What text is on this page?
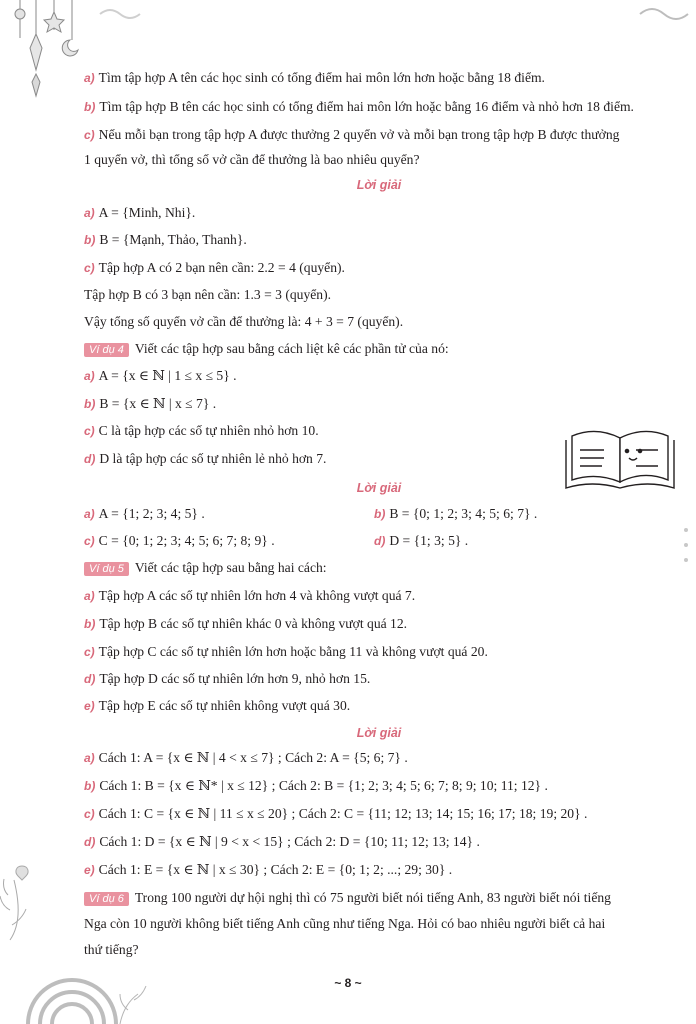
a) Tìm tập hợp A tên các học sinh có tổng điểm hai môn lớn hơn hoặc bằng 18 điểm.
b) Tìm tập hợp B tên các học sinh có tổng điểm hai môn lớn hoặc bằng 16 điểm và nhỏ hơn 18 điểm.
c) Nếu mỗi bạn trong tập hợp A được thưởng 2 quyển vở và mỗi bạn trong tập hợp B được thưởng
1 quyển vở, thì tổng số vở cần để thưởng là bao nhiêu quyển?
Lời giải
a) A = {Minh, Nhi}.
b) B = {Mạnh, Thảo, Thanh}.
c) Tập hợp A có 2 bạn nên cần: 2.2 = 4 (quyển).
Tập hợp B có 3 bạn nên cần: 1.3 = 3 (quyển).
Vậy tổng số quyển vở cần để thưởng là: 4 + 3 = 7 (quyển).
Ví dụ 4 Viết các tập hợp sau bằng cách liệt kê các phần tử của nó:
a) A = {x ∈ ℕ | 1 ≤ x ≤ 5} .
b) B = {x ∈ ℕ | x ≤ 7} .
c) C là tập hợp các số tự nhiên nhỏ hơn 10.
d) D là tập hợp các số tự nhiên lẻ nhỏ hơn 7.
Lời giải
a) A = {1; 2; 3; 4; 5} .	b) B = {0; 1; 2; 3; 4; 5; 6; 7} .
c) C = {0; 1; 2; 3; 4; 5; 6; 7; 8; 9} .	d) D = {1; 3; 5} .
Ví dụ 5 Viết các tập hợp sau bằng hai cách:
a) Tập hợp A các số tự nhiên lớn hơn 4 và không vượt quá 7.
b) Tập hợp B các số tự nhiên khác 0 và không vượt quá 12.
c) Tập hợp C các số tự nhiên lớn hơn hoặc bằng 11 và không vượt quá 20.
d) Tập hợp D các số tự nhiên lớn hơn 9, nhỏ hơn 15.
e) Tập hợp E các số tự nhiên không vượt quá 30.
Lời giải
a) Cách 1: A = {x ∈ ℕ | 4 < x ≤ 7} ; Cách 2: A = {5; 6; 7} .
b) Cách 1: B = {x ∈ ℕ* | x ≤ 12} ; Cách 2: B = {1; 2; 3; 4; 5; 6; 7; 8; 9; 10; 11; 12} .
c) Cách 1: C = {x ∈ ℕ | 11 ≤ x ≤ 20} ; Cách 2: C = {11; 12; 13; 14; 15; 16; 17; 18; 19; 20} .
d) Cách 1: D = {x ∈ ℕ | 9 < x < 15} ; Cách 2: D = {10; 11; 12; 13; 14} .
e) Cách 1: E = {x ∈ ℕ | x ≤ 30} ; Cách 2: E = {0; 1; 2; ...; 29; 30} .
Ví dụ 6 Trong 100 người dự hội nghị thì có 75 người biết nói tiếng Anh, 83 người biết nói tiếng
Nga còn 10 người không biết tiếng Anh cũng như tiếng Nga. Hỏi có bao nhiêu người biết cả hai
thứ tiếng?
~ 8 ~
